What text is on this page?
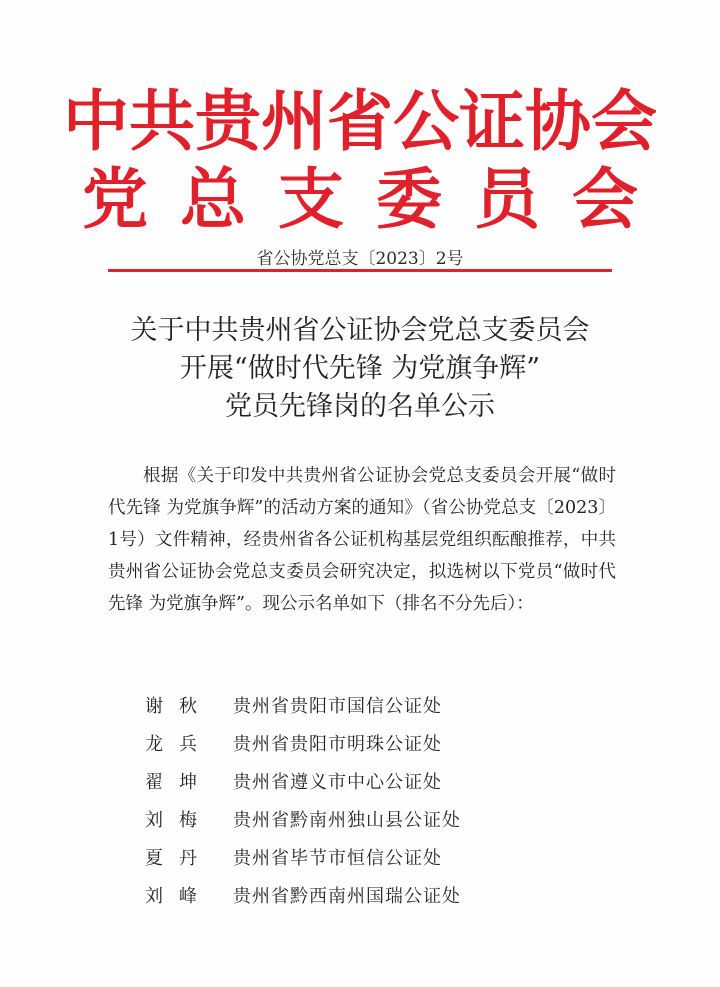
中共贵州省公证协会
党总支委员会
省公协党总支〔2023〕2号
关于中共贵州省公证协会党总支委员会
开展“做时代先锋 为党旗争辉”
党员先锋岗的名单公示

根据《关于印发中共贵州省公证协会党总支委员会开展“做时代先锋 为党旗争辉”的活动方案的通知》（省公协党总支〔2023〕1号）文件精神，经贵州省各公证机构基层党组织酝酿推荐，中共贵州省公证协会党总支委员会研究决定，拟选树以下党员“做时代先锋 为党旗争辉”。现公示名单如下（排名不分先后）：

谢秋	贵州省贵阳市国信公证处
龙兵	贵州省贵阳市明珠公证处
翟坤	贵州省遵义市中心公证处
刘梅	贵州省黔南州独山县公证处
夏丹	贵州省毕节市恒信公证处
刘峰	贵州省黔西南州国瑞公证处
